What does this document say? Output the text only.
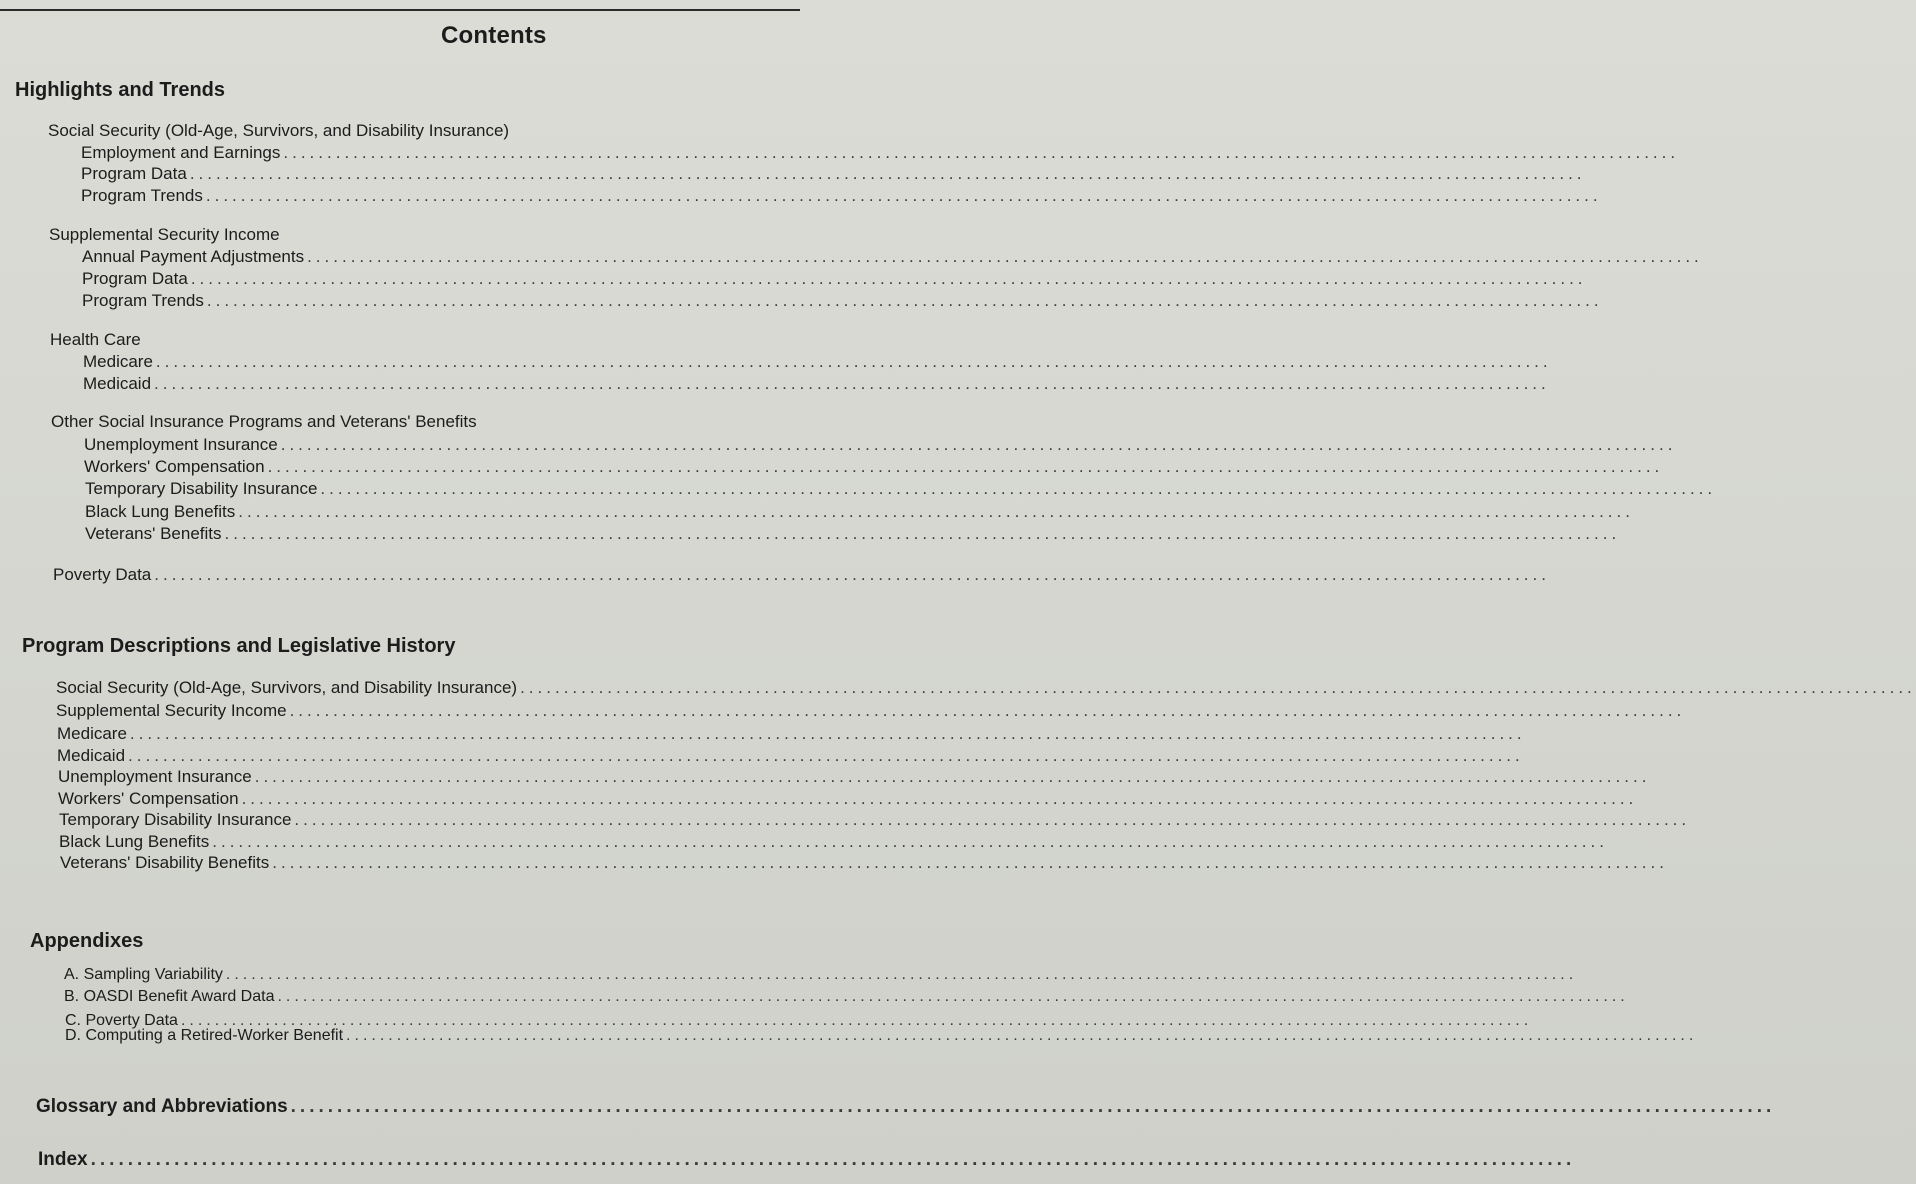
Contents
Highlights and Trends
Social Security (Old-Age, Survivors, and Disability Insurance)
Employment and Earnings ................................................................................................................................................................
Program Data ................................................................................................................................................................
Program Trends ................................................................................................................................................................
Supplemental Security Income
Annual Payment Adjustments ................................................................................................................................................................
Program Data ................................................................................................................................................................
Program Trends ................................................................................................................................................................
Health Care
Medicare ................................................................................................................................................................
Medicaid ................................................................................................................................................................
Other Social Insurance Programs and Veterans' Benefits
Unemployment Insurance ................................................................................................................................................................
Workers' Compensation ................................................................................................................................................................
Temporary Disability Insurance ................................................................................................................................................................
Black Lung Benefits ................................................................................................................................................................
Veterans' Benefits ................................................................................................................................................................
Poverty Data ................................................................................................................................................................
Program Descriptions and Legislative History
Social Security (Old-Age, Survivors, and Disability Insurance) ................................................................................................................................................................
Supplemental Security Income ................................................................................................................................................................
Medicare ................................................................................................................................................................
Medicaid ................................................................................................................................................................
Unemployment Insurance ................................................................................................................................................................
Workers' Compensation ................................................................................................................................................................
Temporary Disability Insurance ................................................................................................................................................................
Black Lung Benefits ................................................................................................................................................................
Veterans' Disability Benefits ................................................................................................................................................................
Appendixes
A. Sampling Variability ................................................................................................................................................................
B. OASDI Benefit Award Data ................................................................................................................................................................
C. Poverty Data ................................................................................................................................................................
D. Computing a Retired-Worker Benefit ................................................................................................................................................................
Glossary and Abbreviations ................................................................................................................................................................
Index ................................................................................................................................................................
